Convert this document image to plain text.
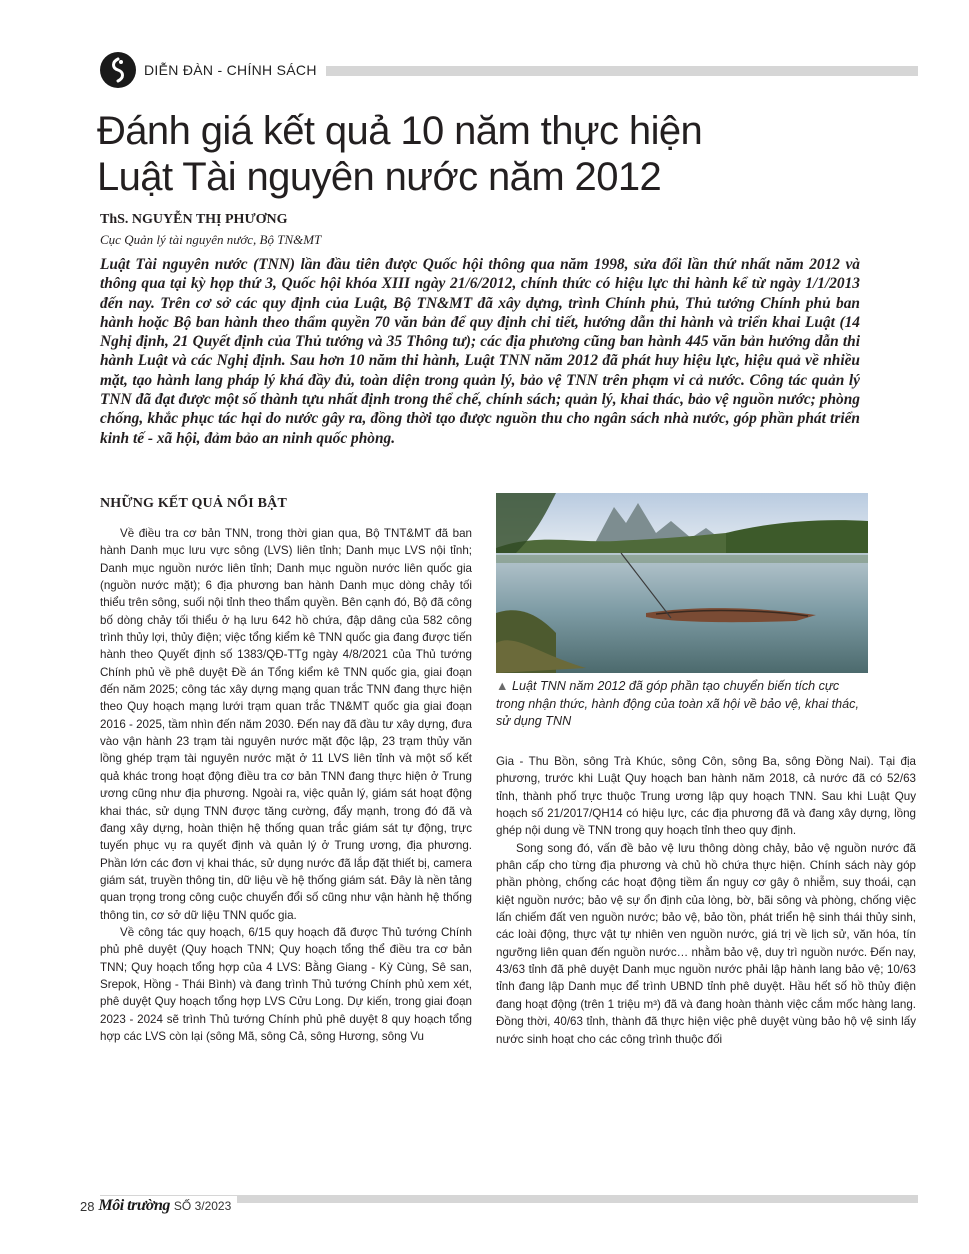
DIỄN ĐÀN - CHÍNH SÁCH
Đánh giá kết quả 10 năm thực hiện
Luật Tài nguyên nước năm 2012
ThS. NGUYỄN THỊ PHƯƠNG
Cục Quản lý tài nguyên nước, Bộ TN&MT

Luật Tài nguyên nước (TNN) lần đầu tiên được Quốc hội thông qua năm 1998, sửa đổi lần thứ nhất năm 2012 và thông qua tại kỳ họp thứ 3, Quốc hội khóa XIII ngày 21/6/2012, chính thức có hiệu lực thi hành kể từ ngày 1/1/2013 đến nay. Trên cơ sở các quy định của Luật, Bộ TN&MT đã xây dựng, trình Chính phủ, Thủ tướng Chính phủ ban hành hoặc Bộ ban hành theo thẩm quyền 70 văn bản để quy định chi tiết, hướng dẫn thi hành và triển khai Luật (14 Nghị định, 21 Quyết định của Thủ tướng và 35 Thông tư); các địa phương cũng ban hành 445 văn bản hướng dẫn thi hành Luật và các Nghị định. Sau hơn 10 năm thi hành, Luật TNN năm 2012 đã phát huy hiệu lực, hiệu quả về nhiều mặt, tạo hành lang pháp lý khá đầy đủ, toàn diện trong quản lý, bảo vệ TNN trên phạm vi cả nước. Công tác quản lý TNN đã đạt được một số thành tựu nhất định trong thể chế, chính sách; quản lý, khai thác, bảo vệ nguồn nước; phòng chống, khắc phục tác hại do nước gây ra, đồng thời tạo được nguồn thu cho ngân sách nhà nước, góp phần phát triển kinh tế - xã hội, đảm bảo an ninh quốc phòng.

NHỮNG KẾT QUẢ NỔI BẬT

Về điều tra cơ bản TNN, trong thời gian qua, Bộ TNT&MT đã ban hành Danh mục lưu vực sông (LVS) liên tỉnh; Danh mục LVS nội tỉnh; Danh mục nguồn nước liên tỉnh; Danh mục nguồn nước liên quốc gia (nguồn nước mặt); 6 địa phương ban hành Danh mục dòng chảy tối thiểu trên sông, suối nội tỉnh theo thẩm quyền. Bên cạnh đó, Bộ đã công bố dòng chảy tối thiểu ở hạ lưu 642 hồ chứa, đập dâng của 582 công trình thủy lợi, thủy điện; việc tổng kiểm kê TNN quốc gia đang được tiến hành theo Quyết định số 1383/QĐ-TTg ngày 4/8/2021 của Thủ tướng Chính phủ về phê duyệt Đề án Tổng kiểm kê TNN quốc gia, giai đoạn đến năm 2025; công tác xây dựng mạng quan trắc TNN đang thực hiện theo Quy hoạch mạng lưới trạm quan trắc TN&MT quốc gia giai đoạn 2016 - 2025, tầm nhìn đến năm 2030. Đến nay đã đầu tư xây dựng, đưa vào vận hành 23 trạm tài nguyên nước mặt độc lập, 23 trạm thủy văn lồng ghép trạm tài nguyên nước mặt ở 11 LVS liên tỉnh và một số kết quả khác trong hoạt động điều tra cơ bản TNN đang thực hiện ở Trung ương cũng như địa phương. Ngoài ra, việc quản lý, giám sát hoạt động khai thác, sử dụng TNN được tăng cường, đẩy mạnh, trong đó đã và đang xây dựng, hoàn thiện hệ thống quan trắc giám sát tự động, trực tuyến phục vụ ra quyết định và quản lý ở Trung ương, địa phương. Phần lớn các đơn vị khai thác, sử dụng nước đã lắp đặt thiết bị, camera giám sát, truyền thông tin, dữ liệu về hệ thống giám sát. Đây là nền tảng quan trọng trong công cuộc chuyển đổi số cũng như vận hành hệ thống thông tin, cơ sở dữ liệu TNN quốc gia.

Về công tác quy hoạch, 6/15 quy hoạch đã được Thủ tướng Chính phủ phê duyệt (Quy hoạch TNN; Quy hoạch tổng thể điều tra cơ bản TNN; Quy hoạch tổng hợp của 4 LVS: Bằng Giang - Kỳ Cùng, Sê san, Srepok, Hồng - Thái Bình) và đang trình Thủ tướng Chính phủ xem xét, phê duyệt Quy hoạch tổng hợp LVS Cửu Long. Dự kiến, trong giai đoạn 2023 - 2024 sẽ trình Thủ tướng Chính phủ phê duyệt 8 quy hoạch tổng hợp các LVS còn lại (sông Mã, sông Cả, sông Hương, sông Vu

▲ Luật TNN năm 2012 đã góp phần tạo chuyển biến tích cực trong nhận thức, hành động của toàn xã hội về bảo vệ, khai thác, sử dụng TNN

Gia - Thu Bồn, sông Trà Khúc, sông Côn, sông Ba, sông Đồng Nai). Tại địa phương, trước khi Luật Quy hoạch ban hành năm 2018, cả nước đã có 52/63 tỉnh, thành phố trực thuộc Trung ương lập quy hoạch TNN. Sau khi Luật Quy hoạch số 21/2017/QH14 có hiệu lực, các địa phương đã và đang xây dựng, lồng ghép nội dung về TNN trong quy hoạch tỉnh theo quy định.

Song song đó, vấn đề bảo vệ lưu thông dòng chảy, bảo vệ nguồn nước đã phân cấp cho từng địa phương và chủ hồ chứa thực hiện. Chính sách này góp phần phòng, chống các hoạt động tiềm ẩn nguy cơ gây ô nhiễm, suy thoái, cạn kiệt nguồn nước; bảo vệ sự ổn định của lòng, bờ, bãi sông và phòng, chống việc lấn chiếm đất ven nguồn nước; bảo vệ, bảo tồn, phát triển hệ sinh thái thủy sinh, các loài động, thực vật tự nhiên ven nguồn nước, giá trị về lịch sử, văn hóa, tín ngưỡng liên quan đến nguồn nước… nhằm bảo vệ, duy trì nguồn nước. Đến nay, 43/63 tỉnh đã phê duyệt Danh mục nguồn nước phải lập hành lang bảo vệ; 10/63 tỉnh đang lập Danh mục để trình UBND tỉnh phê duyệt. Hầu hết số hồ thủy điện đang hoạt động (trên 1 triệu m³) đã và đang hoàn thành việc cắm mốc hàng lang. Đồng thời, 40/63 tỉnh, thành đã thực hiện việc phê duyệt vùng bảo hộ vệ sinh lấy nước sinh hoạt cho các công trình thuộc đối

28 Môi trường SỐ 3/2023
